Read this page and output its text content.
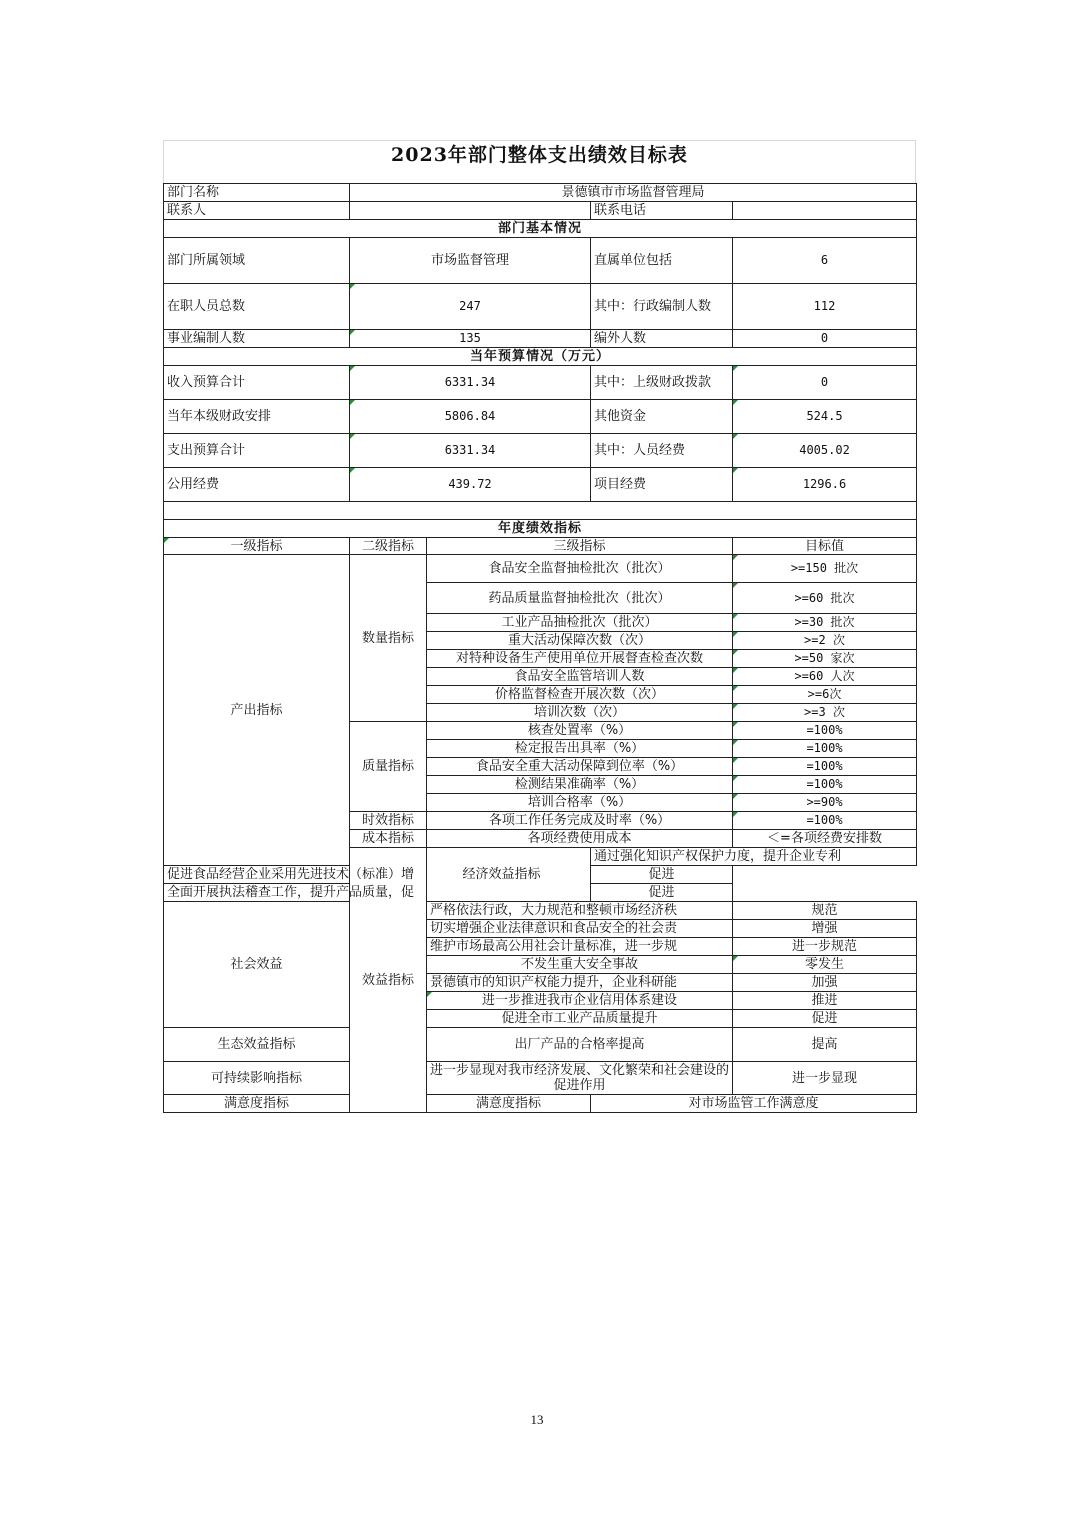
2023年部门整体支出绩效目标表
部门名称	景德镇市市场监督管理局				
联系人			联系电话		
部门基本情况					
部门所属领域	市场监督管理		直属单位包括	6	
在职人员总数	247		其中：行政编制人数	112	
事业编制人数	135		编外人数	0	
当年预算情况（万元）					
收入预算合计	6331.34		其中：上级财政拨款	0	
当年本级财政安排	5806.84		其他资金	524.5	
支出预算合计	6331.34		其中：人员经费	4005.02	
公用经费	439.72		项目经费	1296.6	

年度绩效指标					
一级指标	二级指标	三级指标		目标值	
产出指标	数量指标	食品安全监督抽检批次（批次）		>=150 批次	
		药品质量监督抽检批次（批次）		>=60 批次	
		工业产品抽检批次（批次）		>=30 批次	
		重大活动保障次数（次）		>=2 次	
		对特种设备生产使用单位开展督查检查次数		>=50 家次	
		食品安全监管培训人数		>=60 人次	
		价格监督检查开展次数（次）		>=6次	
		培训次数（次）		>=3 次	
	质量指标	核查处置率（%）		=100%	
		检定报告出具率（%）		=100%	
		食品安全重大活动保障到位率（%）		=100%	
		检测结果准确率（%）		=100%	
		培训合格率（%）		>=90%	
	时效指标	各项工作任务完成及时率（%）		=100%	
	成本指标	各项经费使用成本		＜=各项经费安排数	
	效益指标	经济效益指标	通过强化知识产权保护力度，提升企业专利	
促进食品经营企业采用先进技术（标准）增			促进		
全面开展执法稽查工作，提升产品质量，促			促进		
社会效益		严格依法行政，大力规范和整顿市场经济秩		规范	
		切实增强企业法律意识和食品安全的社会责		增强	
		维护市场最高公用社会计量标准，进一步规		进一步规范	
		不发生重大安全事故		零发生	
		景德镇市的知识产权能力提升，企业科研能		加强	
		进一步推进我市企业信用体系建设		推进	
		促进全市工业产品质量提升		促进	
生态效益指标		出厂产品的合格率提高		提高	
可持续影响指标		进一步显现对我市经济发展、文化繁荣和社会建设的促进作用		进一步显现	
满意度指标		满意度指标	对市场监管工作满意度	
13
